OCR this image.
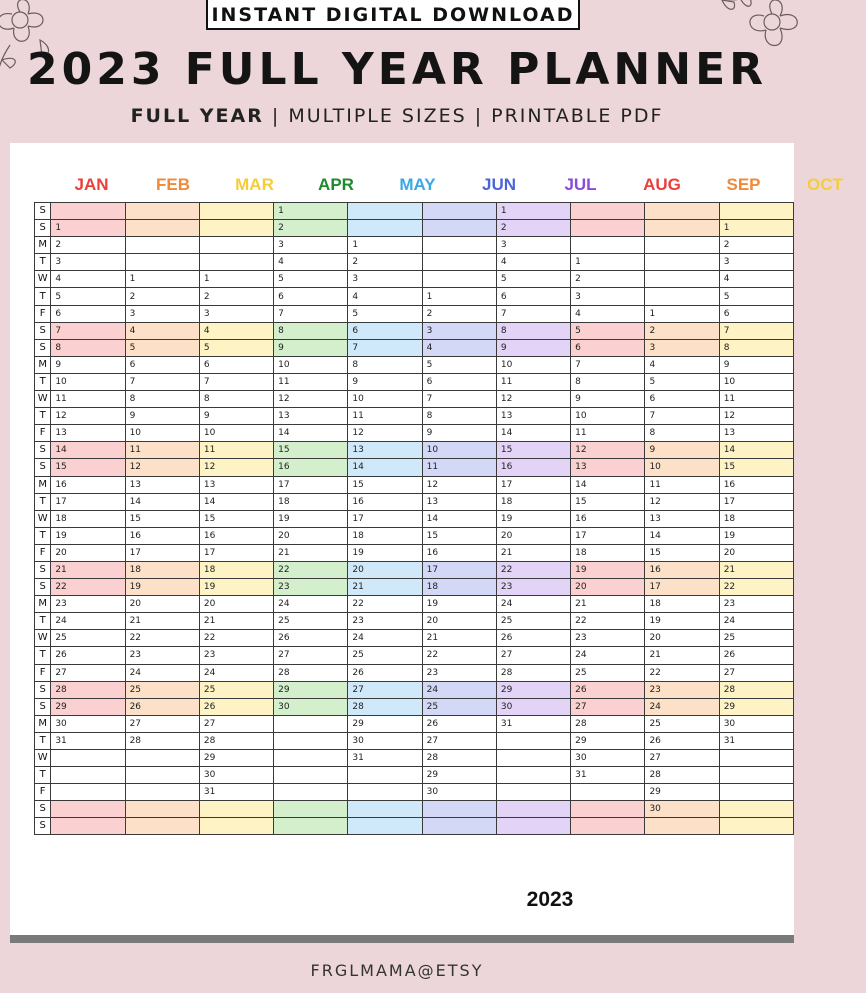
INSTANT DIGITAL DOWNLOAD
2023 FULL YEAR PLANNER
FULL YEAR | MULTIPLE SIZES | PRINTABLE PDF
JAN	FEB	MAR	APR	MAY	JUN	JUL	AUG	SEP	OCT
S				1			1			
S	1			2			2			1
M	2			3	1		3			2
T	3			4	2		4	1		3
W	4	1	1	5	3		5	2		4
T	5	2	2	6	4	1	6	3		5
F	6	3	3	7	5	2	7	4	1	6
S	7	4	4	8	6	3	8	5	2	7
S	8	5	5	9	7	4	9	6	3	8
M	9	6	6	10	8	5	10	7	4	9
T	10	7	7	11	9	6	11	8	5	10
W	11	8	8	12	10	7	12	9	6	11
T	12	9	9	13	11	8	13	10	7	12
F	13	10	10	14	12	9	14	11	8	13
S	14	11	11	15	13	10	15	12	9	14
S	15	12	12	16	14	11	16	13	10	15
M	16	13	13	17	15	12	17	14	11	16
T	17	14	14	18	16	13	18	15	12	17
W	18	15	15	19	17	14	19	16	13	18
T	19	16	16	20	18	15	20	17	14	19
F	20	17	17	21	19	16	21	18	15	20
S	21	18	18	22	20	17	22	19	16	21
S	22	19	19	23	21	18	23	20	17	22
M	23	20	20	24	22	19	24	21	18	23
T	24	21	21	25	23	20	25	22	19	24
W	25	22	22	26	24	21	26	23	20	25
T	26	23	23	27	25	22	27	24	21	26
F	27	24	24	28	26	23	28	25	22	27
S	28	25	25	29	27	24	29	26	23	28
S	29	26	26	30	28	25	30	27	24	29
M	30	27	27		29	26	31	28	25	30
T	31	28	28		30	27		29	26	31
W			29		31	28		30	27	
T			30			29		31	28	
F			31			30			29	
S									30	
S										
2023
FRGLMAMA@ETSY
